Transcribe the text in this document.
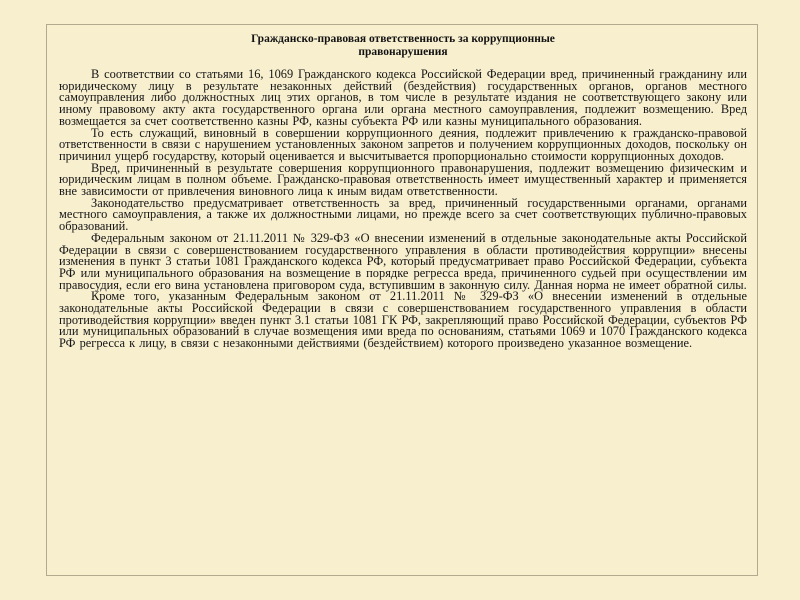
Гражданско-правовая ответственность за коррупционные
правонарушения

В соответствии со статьями 16, 1069 Гражданского кодекса Российской Федерации вред, причиненный гражданину или юридическому лицу в результате незаконных действий (бездействия) государственных органов, органов местного самоуправления либо должностных лиц этих органов, в том числе в результате издания не соответствующего закону или иному правовому акту акта государственного органа или органа местного самоуправления, подлежит возмещению. Вред возмещается за счет соответственно казны РФ, казны субъекта РФ или казны муниципального образования.

То есть служащий, виновный в совершении коррупционного деяния, подлежит привлечению к гражданско-правовой ответственности в связи с нарушением установленных законом запретов и получением коррупционных доходов, поскольку он причинил ущерб государству, который оценивается и высчитывается пропорционально стоимости коррупционных доходов.

Вред, причиненный в результате совершения коррупционного правонарушения, подлежит возмещению физическим и юридическим лицам в полном объеме. Гражданско-правовая ответственность имеет имущественный характер и применяется вне зависимости от привлечения виновного лица к иным видам ответственности.

Законодательство предусматривает ответственность за вред, причиненный государственными органами, органами местного самоуправления, а также их должностными лицами, но прежде всего за счет соответствующих публично-правовых образований.

Федеральным законом от 21.11.2011 № 329-ФЗ «О внесении изменений в отдельные законодательные акты Российской Федерации в связи с совершенствованием государственного управления в области противодействия коррупции» внесены изменения в пункт 3 статьи 1081 Гражданского кодекса РФ, который предусматривает право Российской Федерации, субъекта РФ или муниципального образования на возмещение в порядке регресса вреда, причиненного судьей при осуществлении им правосудия, если его вина установлена приговором суда, вступившим в законную силу. Данная норма не имеет обратной силы.

Кроме того, указанным Федеральным законом от 21.11.2011 № 329-ФЗ «О внесении изменений в отдельные законодательные акты Российской Федерации в связи с совершенствованием государственного управления в области противодействия коррупции» введен пункт 3.1 статьи 1081 ГК РФ, закрепляющий право Российской Федерации, субъектов РФ или муниципальных образований в случае возмещения ими вреда по основаниям, статьями 1069 и 1070 Гражданского кодекса РФ регресса к лицу, в связи с незаконными действиями (бездействием) которого произведено указанное возмещение.
